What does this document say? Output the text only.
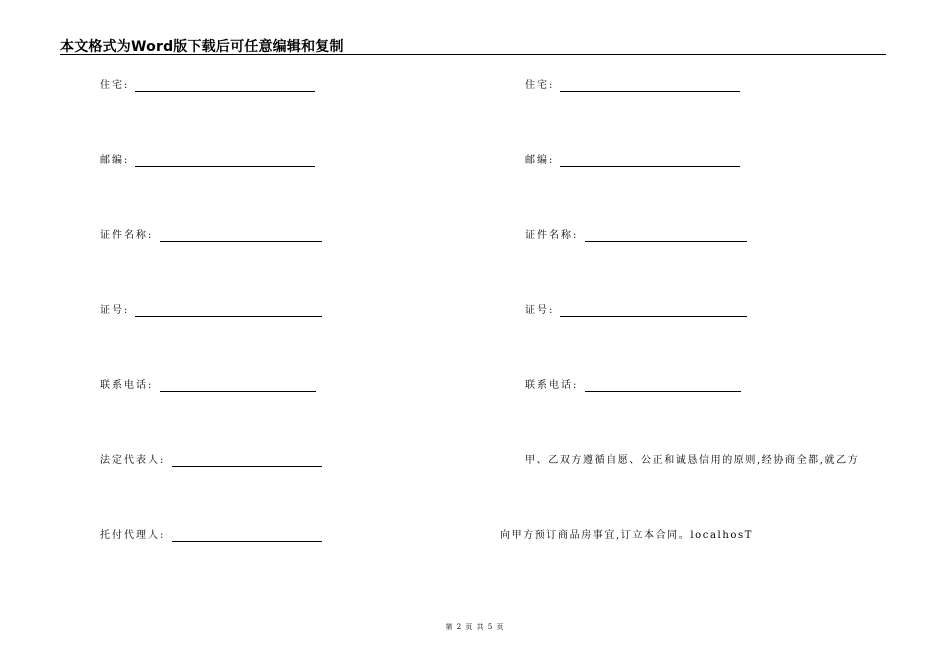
本文格式为Word版下载后可任意编辑和复制
住宅:
邮编:
证件名称:
证号:
联系电话:
法定代表人:
托付代理人:
住宅:
邮编:
证件名称:
证号:
联系电话:
甲、乙双方遵循自愿、公正和诚恳信用的原则,经协商全都,就乙方
向甲方预订商品房事宜,订立本合同。localhosT
第 2 页 共 5 页
